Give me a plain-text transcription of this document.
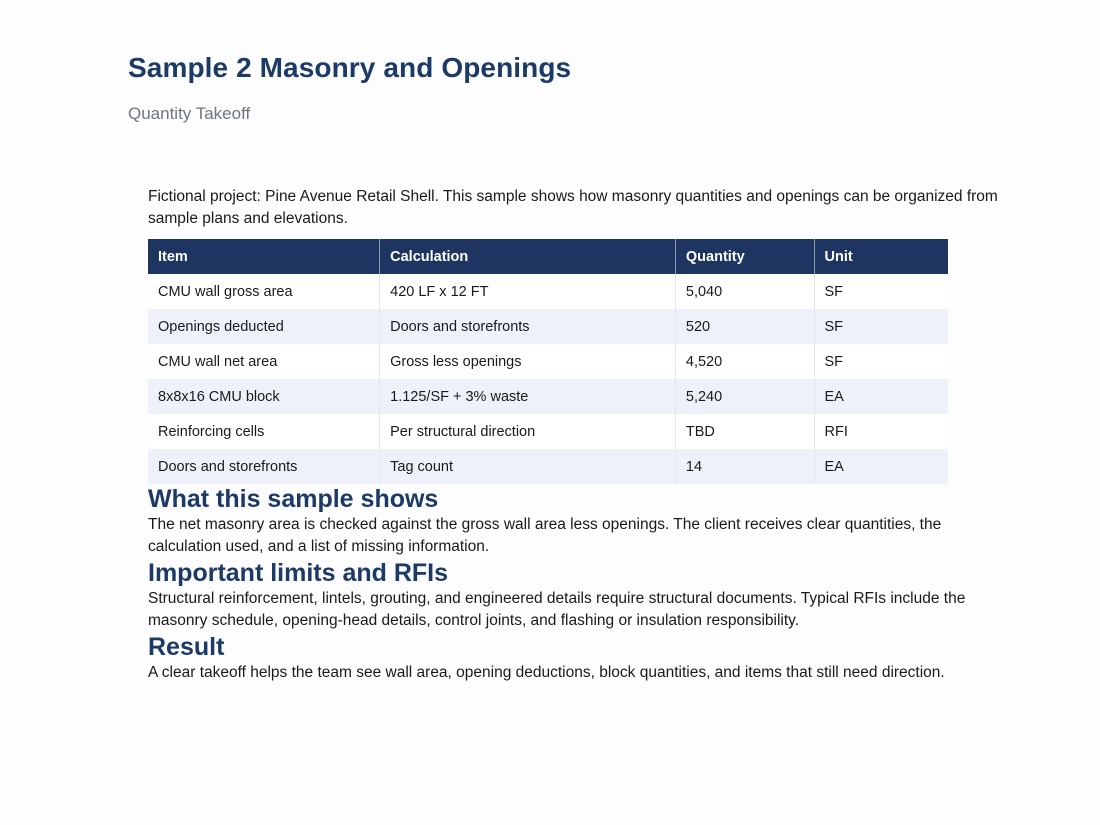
Sample 2 Masonry and Openings

Quantity Takeoff

Fictional project: Pine Avenue Retail Shell. This sample shows how masonry quantities and openings can be organized from sample plans and elevations.

Item	Calculation	Quantity	Unit
CMU wall gross area	420 LF x 12 FT	5,040	SF
Openings deducted	Doors and storefronts	520	SF
CMU wall net area	Gross less openings	4,520	SF
8x8x16 CMU block	1.125/SF + 3% waste	5,240	EA
Reinforcing cells	Per structural direction	TBD	RFI
Doors and storefronts	Tag count	14	EA
What this sample shows

The net masonry area is checked against the gross wall area less openings. The client receives clear quantities, the calculation used, and a list of missing information.

Important limits and RFIs

Structural reinforcement, lintels, grouting, and engineered details require structural documents. Typical RFIs include the masonry schedule, opening-head details, control joints, and flashing or insulation responsibility.

Result

A clear takeoff helps the team see wall area, opening deductions, block quantities, and items that still need direction.
